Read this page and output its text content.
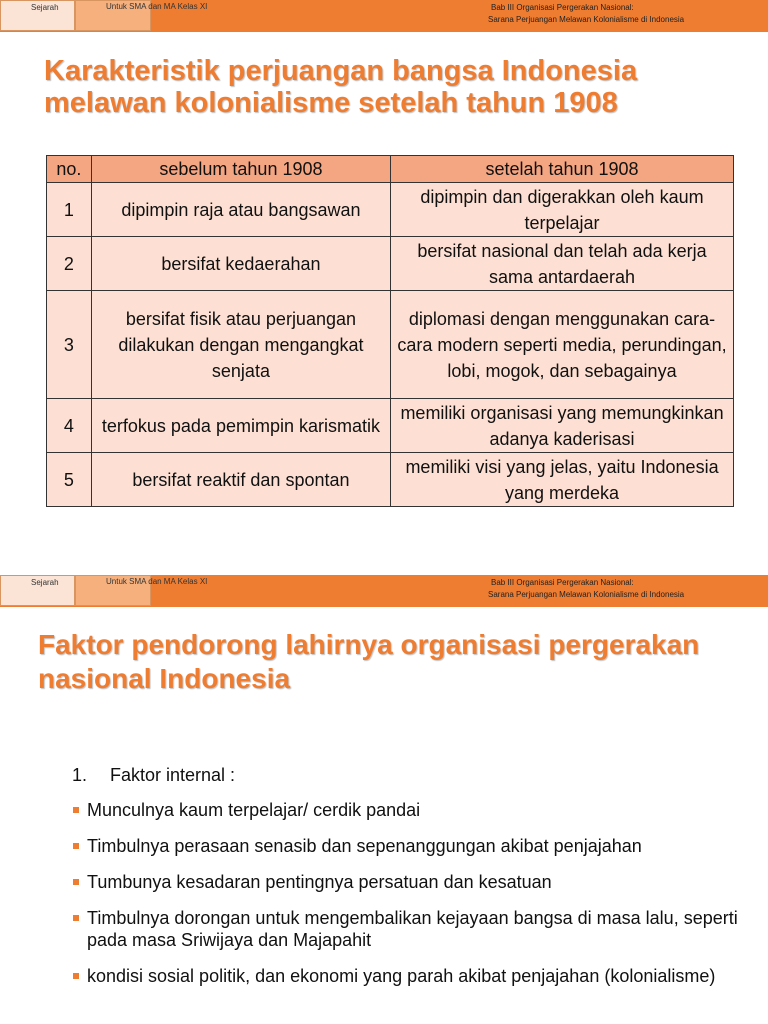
Sejarah	Untuk SMA dan MA Kelas XI	Bab III Organisasi Pergerakan Nasional:
Sarana Perjuangan Melawan Kolonialisme di Indonesia
Karakteristik perjuangan bangsa Indonesia
melawan kolonialisme setelah tahun 1908
no.	sebelum tahun 1908	setelah tahun 1908
1	dipimpin raja atau bangsawan	dipimpin dan digerakkan oleh kaum terpelajar
2	bersifat kedaerahan	bersifat nasional dan telah ada kerja sama antardaerah
3	bersifat fisik atau perjuangan dilakukan dengan mengangkat senjata	diplomasi dengan menggunakan cara-cara modern seperti media, perundingan, lobi, mogok, dan sebagainya
4	terfokus pada pemimpin karismatik	memiliki organisasi yang memungkinkan adanya kaderisasi
5	bersifat reaktif dan spontan	memiliki visi yang jelas, yaitu Indonesia yang merdeka
Sejarah	Untuk SMA dan MA Kelas XI	Bab III Organisasi Pergerakan Nasional:
Sarana Perjuangan Melawan Kolonialisme di Indonesia
Faktor pendorong lahirnya organisasi pergerakan
nasional Indonesia
1. Faktor internal :
Munculnya kaum terpelajar/ cerdik pandai
Timbulnya perasaan senasib dan sepenanggungan akibat penjajahan
Tumbunya kesadaran pentingnya persatuan dan kesatuan
Timbulnya dorongan untuk mengembalikan kejayaan bangsa di masa lalu, seperti pada masa Sriwijaya dan Majapahit
kondisi sosial politik, dan ekonomi yang parah akibat penjajahan (kolonialisme)
